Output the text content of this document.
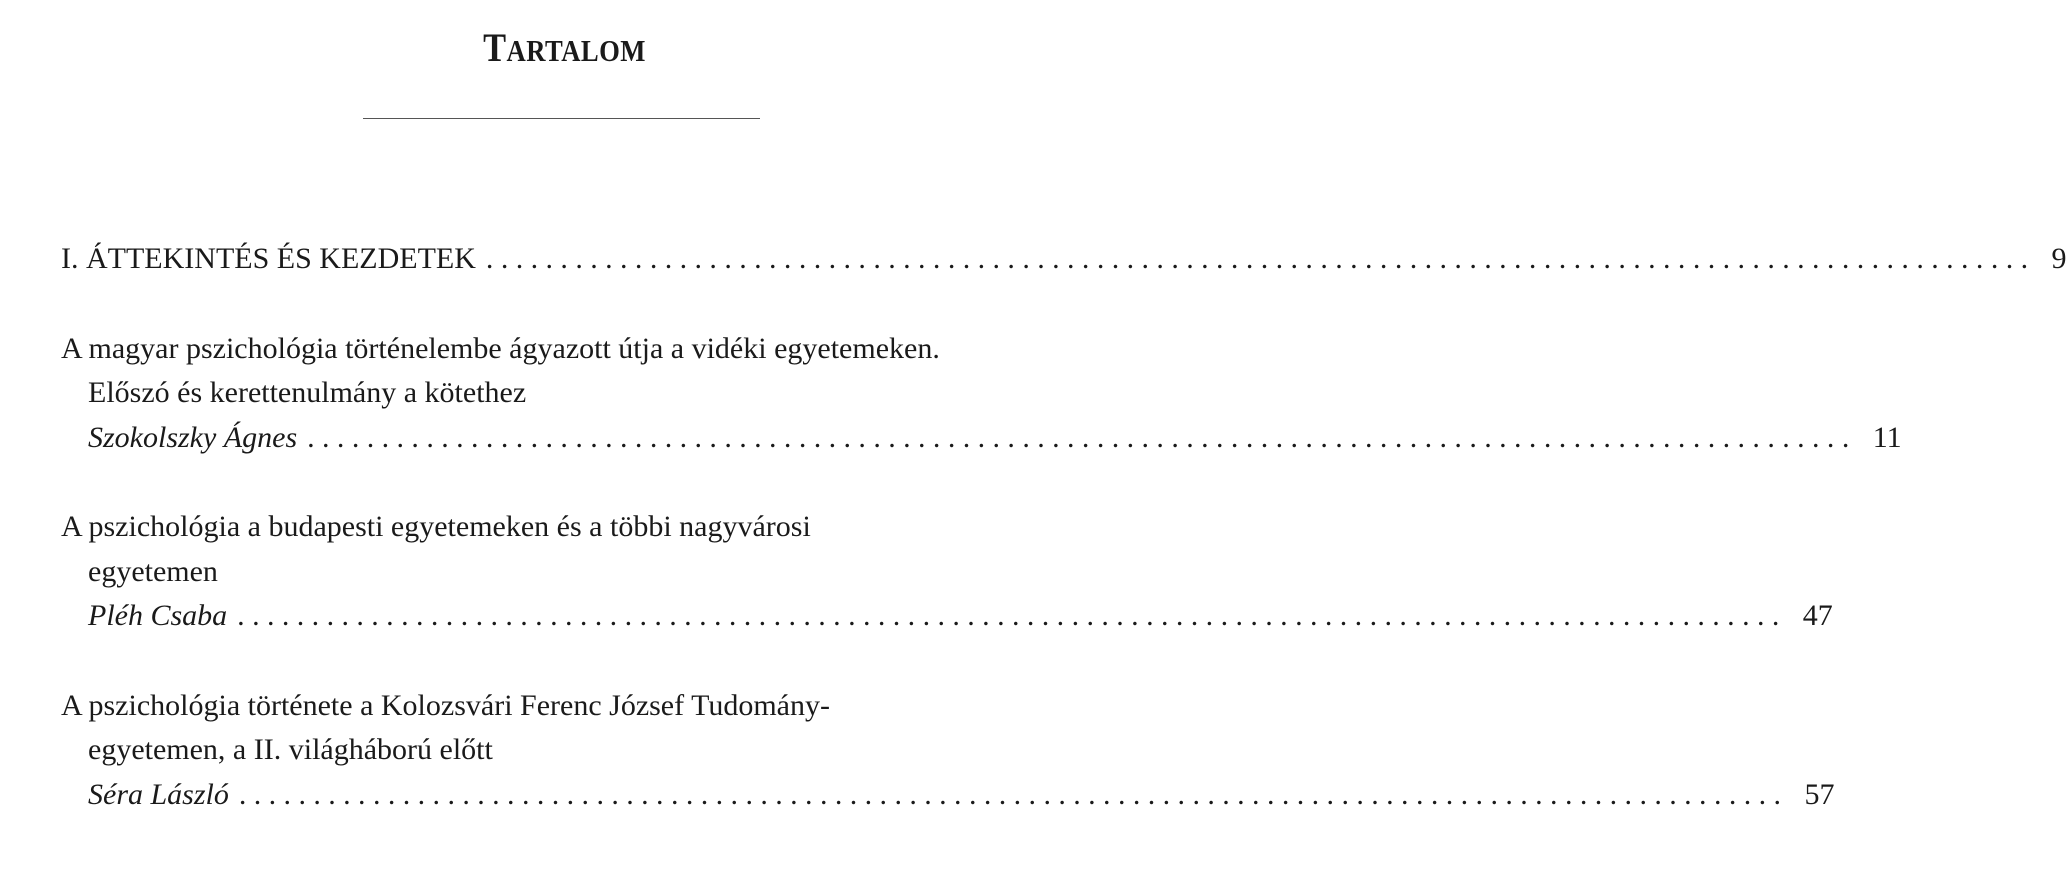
TARTALOM
I. ÁTTEKINTÉS ÉS KEZDETEK ........................................................................................................ 9
A magyar pszichológia történelembe ágyazott útja a vidéki egyetemeken.
Előszó és kerettenulmány a kötethez
Szokolszky Ágnes ........................................................................................................ 11
A pszichológia a budapesti egyetemeken és a többi nagyvárosi
egyetemen
Pléh Csaba ........................................................................................................ 47
A pszichológia története a Kolozsvári Ferenc József Tudomány-
egyetemen, a II. világháború előtt
Séra László ........................................................................................................ 57
